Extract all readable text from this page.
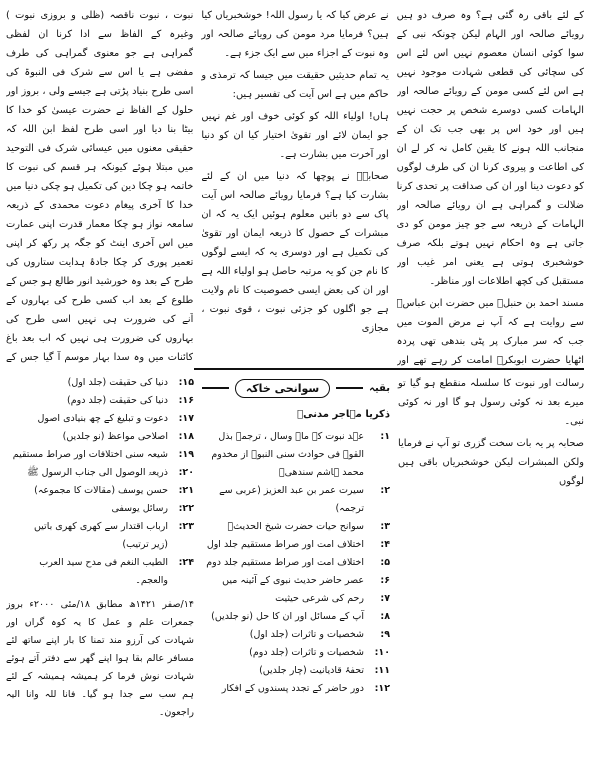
کے لئے باقی رہ گئی ہے؟ وہ صرف دو ہیں رویائے صالحہ اور الہام لیکن چونکہ نبی کے سوا کوئی انسان معصوم نہیں اس لئے اس کی سچائی کی قطعی شہادت موجود نہیں ہے اس لئے کسی مومن کے رویائے صالحہ اور الہامات کسی دوسرے شخص پر حجت نہیں ہیں اور خود اس پر بھی جب تک ان کے منجانب اللہ ہونے کا یقین کامل نہ کر لے ان کی اطاعت و پیروی کرنا ان کی طرف لوگوں کو دعوت دینا اور ان کی صداقت پر تحدی کرنا ضلالت و گمراہی ہے ان رویائے صالحہ اور الہامات کے ذریعہ سے جو چیز مومن کو دی جاتی ہے وہ احکام نہیں ہوتے بلکہ صرف خوشخبری ہوتی ہے یعنی امر غیب اور مستقبل کی کچھ اطلاعات اور مناظر۔

مسند احمد بن حنبلؒ میں حضرت ابن عباسؓ سے روایت ہے کہ آپ نے مرض الموت میں جب کہ سر مبارک پر پٹی بندھی تھی پردہ اٹھایا حضرت ابوبکرؓ امامت کر رہے تھے اور

نے عرض کیا کہ یا رسول اللہ! خوشخبریاں کیا ہیں؟ فرمایا مرد مومن کی رویائے صالحہ اور وہ نبوت کے اجزاء میں سے ایک جزء ہے۔

یہ تمام حدیثیں حقیقت میں جیسا کہ ترمذی و حاکم میں ہے اس آیت کی تفسیر ہیں:

ہاں! اولیاء اللہ کو کوئی خوف اور غم نہیں جو ایمان لائے اور تقویٰ اختیار کیا ان کو دنیا اور آخرت میں بشارت ہے۔

صحابہؓ نے پوچھا کہ دنیا میں ان کے لئے بشارت کیا ہے؟ فرمایا رویائے صالحہ اس آیت پاک سے دو باتیں معلوم ہوئیں ایک یہ کہ ان مبشرات کے حصول کا ذریعہ ایمان اور تقویٰ کی تکمیل ہے اور دوسری یہ کہ ایسے لوگوں کا نام جن کو یہ مرتبہ حاصل ہو اولیاء اللہ ہے اور ان کی بعض ایسی خصوصیت کا نام ولایت ہے جو اگلوں کو جزئی نبوت ، قوی نبوت ، مجازی

نبوت ، نبوت ناقصہ (ظلی و بروزی نبوت ) وغیرہ کے الفاظ سے ادا کرنا ان لفظی گمراہی ہے جو معنوی گمراہی کی طرف مفضی ہے یا اس سے شرک فی النبوۃ کی اسی طرح بنیاد پڑتی ہے جیسے ولی ، بروز اور حلول کے الفاظ نے حضرت عیسیٰ کو خدا کا بیٹا بنا دیا اور اسی طرح لفظ ابن اللہ کہ حقیقی معنوں میں عیسائی شرک فی التوحید میں مبتلا ہوئے کیونکہ ہر قسم کی نبوت کا خاتمہ ہو چکا دین کی تکمیل ہو چکی دنیا میں خدا کا آخری پیغام دعوت محمدی کے ذریعہ سامعہ نواز ہو چکا معمار قدرت اپنی عمارت میں اس آخری اینٹ کو جگہ پر رکھ کر اپنی تعمیر پوری کر چکا جادۂ ہدایت ستاروں کی طرح کے بعد وہ خورشید انور طالع ہو جس کے طلوع کے بعد اب کسی طرح کی بہاروں کے آنے کی ضرورت ہی نہیں اسی طرح کی بہاروں کی ضرورت ہی نہیں کہ اب بعد باغ کائنات میں وہ سدا بہار موسم آ گیا جس کے

رسالت اور نبوت کا سلسلہ منقطع ہو گیا تو میرے بعد نہ کوئی رسول ہو گا اور نہ کوئی نبی۔

صحابہ پر یہ بات سخت گزری تو آپ نے فرمایا ولکن المبشرات لیکن خوشخبریاں باقی ہیں لوگوں

بقیہ
سوانحی خاکہ
ذکریا مہاجر مدنیؒ
۱:
عہد نبوت کے ماہ وسال ، ترجمہ بذل القوۃ فی حوادث سنی النبوۃ از مخدوم محمد ہاشم سندھیؒ
۲:
سیرت عمر بن عبد العزیز (عربی سے ترجمہ)
۳:
سوانح حیات حضرت شیخ الحدیثؒ
۴:
اختلاف امت اور صراط مستقیم جلد اول
۵:
اختلاف امت اور صراط مستقیم جلد دوم
۶:
عصر حاضر حدیث نبوی کے آئینہ میں
۷:
رحم کی شرعی حیثیت
۸:
آپ کے مسائل اور ان کا حل (نو جلدیں)
۹:
شخصیات و تاثرات (جلد اول)
۱۰:
شخصیات و تاثرات (جلد دوم)
۱۱:
تحفۂ قادیانیت (چار جلدیں)
۱۲:
دور حاضر کے تجدد پسندوں کے افکار
۱۵:
دنیا کی حقیقت (جلد اول)
۱۶:
دنیا کی حقیقت (جلد دوم)
۱۷:
دعوت و تبلیغ کے چھ بنیادی اصول
۱۸:
اصلاحی مواعظ (نو جلدیں)
۱۹:
شیعہ سنی اختلافات اور صراط مستقیم
۲۰:
ذریعۃ الوصول الی جناب الرسول ﷺ
۲۱:
حسن یوسف (مقالات کا مجموعہ)
۲۲:
رسائل یوسفی
۲۳:
ارباب اقتدار سے کھری کھری باتیں
(زیر ترتیب)
۲۴:
الطیب النغم فی مدح سید العرب والعجم۔

۱۴/صفر ۱۴۲۱ھ مطابق ۱۸/مئی ۲۰۰۰ء بروز جمعرات علم و عمل کا یہ کوہ گراں اور شہادت کی آرزو مند تمنا کا بار اپنے ساتھ لئے مسافر عالم بقا ہوا اپنے گھر سے دفتر آتے ہوئے شہادت نوش فرما کر ہمیشہ ہمیشہ کے لئے ہم سب سے جدا ہو گیا۔ فانا للہ وانا الیہ راجعون۔
